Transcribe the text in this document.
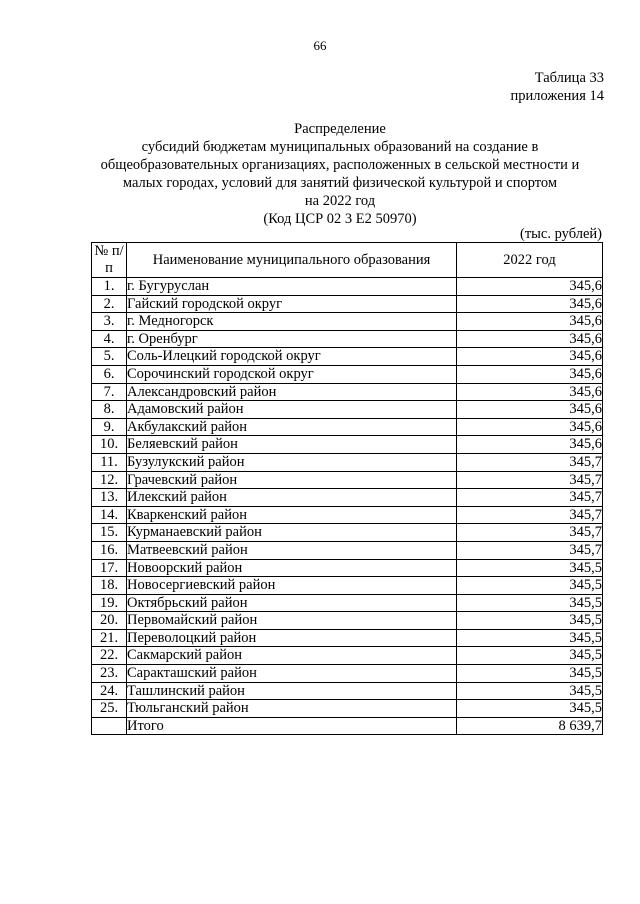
66
Таблица 33
приложения 14
Распределение
субсидий бюджетам муниципальных образований на создание в
общеобразовательных организациях, расположенных в сельской местности и
малых городах, условий для занятий физической культурой и спортом
на 2022 год
(Код ЦСР 02 3 Е2 50970)
(тыс. рублей)
№ п/п	Наименование муниципального образования	2022 год
1.	г. Бугуруслан	345,6
2.	Гайский городской округ	345,6
3.	г. Медногорск	345,6
4.	г. Оренбург	345,6
5.	Соль-Илецкий городской округ	345,6
6.	Сорочинский городской округ	345,6
7.	Александровский район	345,6
8.	Адамовский район	345,6
9.	Акбулакский район	345,6
10.	Беляевский район	345,6
11.	Бузулукский район	345,7
12.	Грачевский район	345,7
13.	Илекский район	345,7
14.	Кваркенский район	345,7
15.	Курманаевский район	345,7
16.	Матвеевский район	345,7
17.	Новоорский район	345,5
18.	Новосергиевский район	345,5
19.	Октябрьский район	345,5
20.	Первомайский район	345,5
21.	Переволоцкий район	345,5
22.	Сакмарский район	345,5
23.	Саракташский район	345,5
24.	Ташлинский район	345,5
25.	Тюльганский район	345,5
	Итого	8 639,7
